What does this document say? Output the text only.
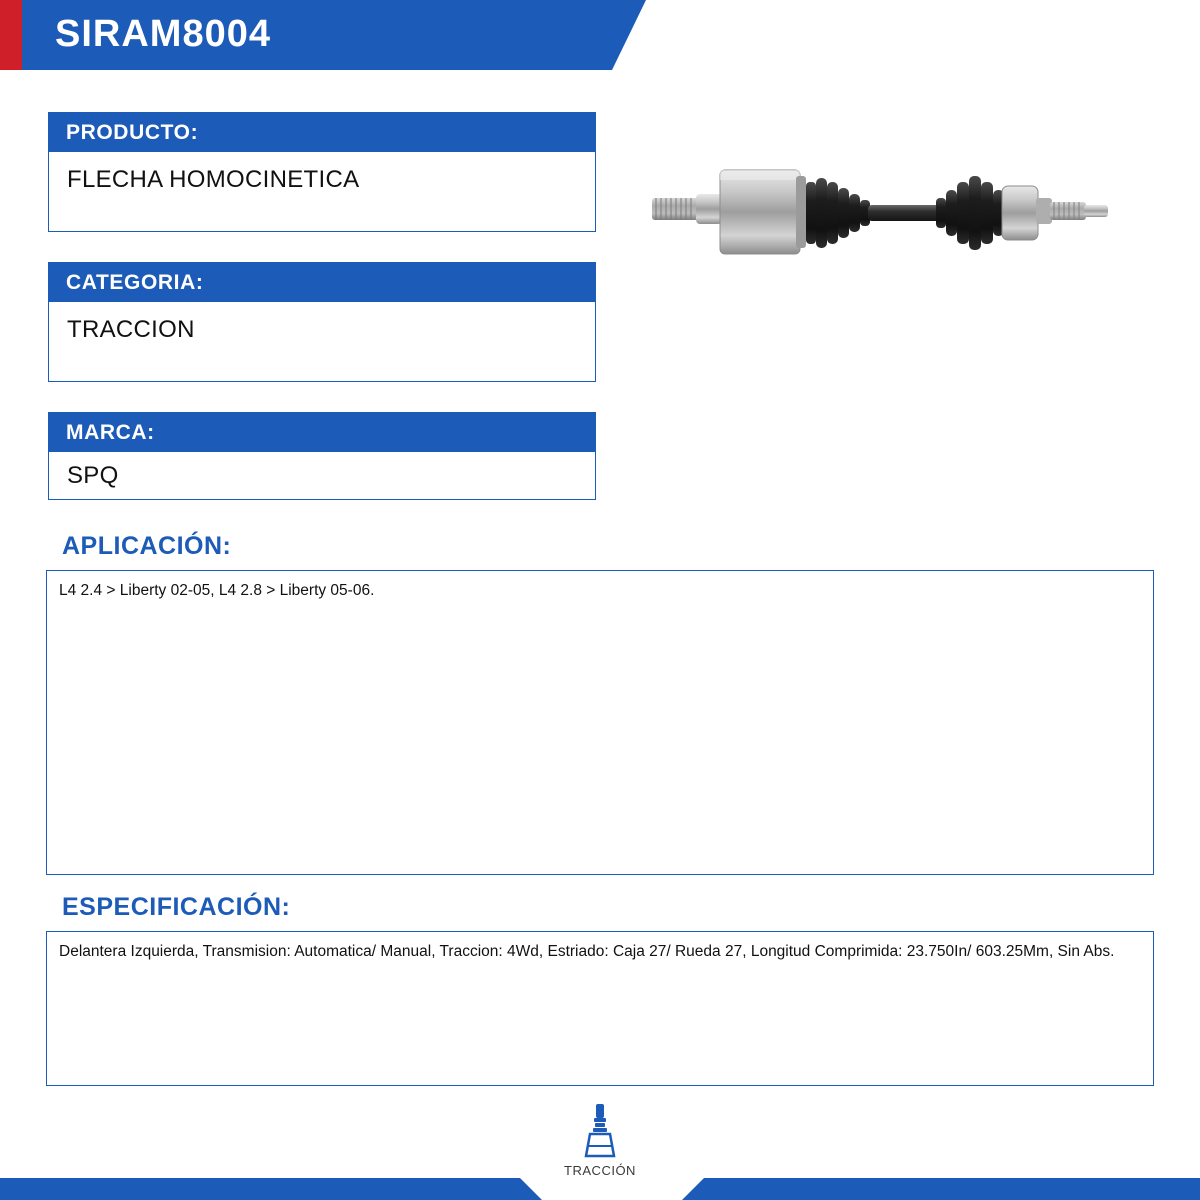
SIRAM8004
PRODUCTO:
FLECHA HOMOCINETICA
CATEGORIA:
TRACCION
MARCA:
SPQ
APLICACIÓN:
L4 2.4 > Liberty 02-05, L4 2.8 > Liberty 05-06.
ESPECIFICACIÓN:
Delantera Izquierda, Transmision: Automatica/ Manual, Traccion: 4Wd, Estriado: Caja 27/ Rueda 27, Longitud Comprimida: 23.750In/ 603.25Mm, Sin Abs.
TRACCIÓN
